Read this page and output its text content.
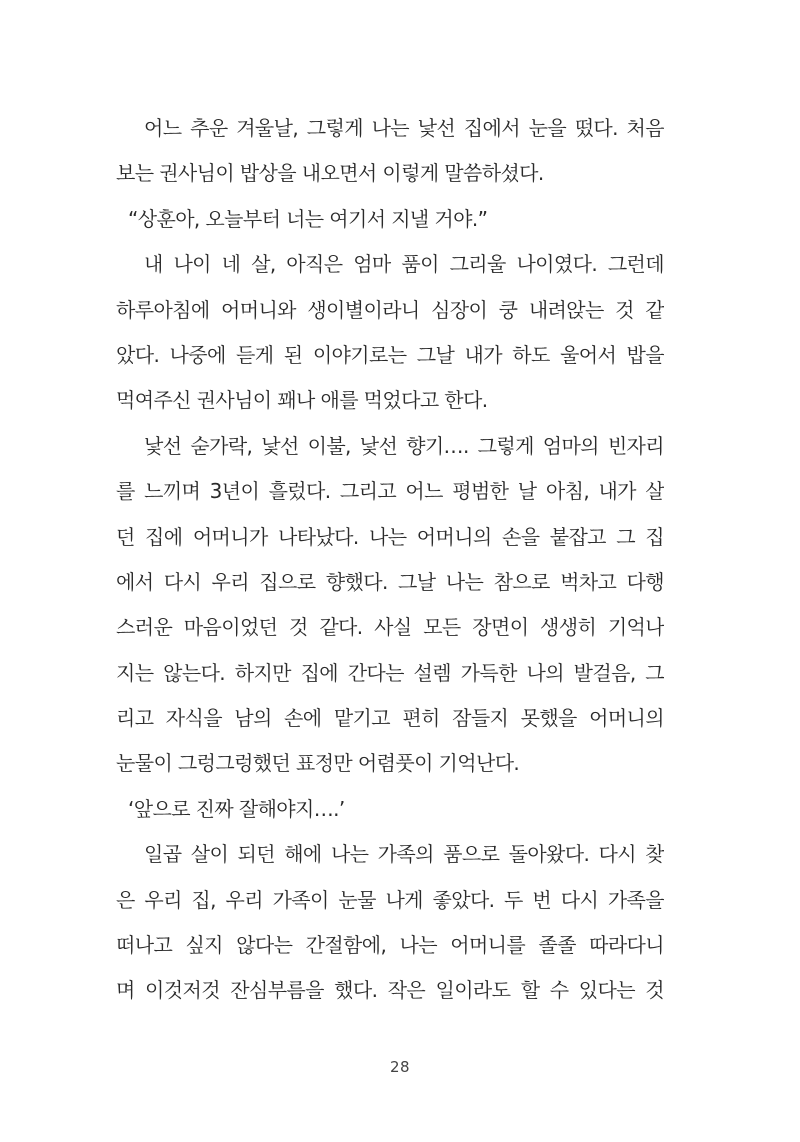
어느 추운 겨울날, 그렇게 나는 낯선 집에서 눈을 떴다. 처음
보는 권사님이 밥상을 내오면서 이렇게 말씀하셨다.
“상훈아, 오늘부터 너는 여기서 지낼 거야.”
내 나이 네 살, 아직은 엄마 품이 그리울 나이였다. 그런데
하루아침에 어머니와 생이별이라니 심장이 쿵 내려앉는 것 같
았다. 나중에 듣게 된 이야기로는 그날 내가 하도 울어서 밥을
먹여주신 권사님이 꽤나 애를 먹었다고 한다.
낯선 숟가락, 낯선 이불, 낯선 향기…. 그렇게 엄마의 빈자리
를 느끼며 3년이 흘렀다. 그리고 어느 평범한 날 아침, 내가 살
던 집에 어머니가 나타났다. 나는 어머니의 손을 붙잡고 그 집
에서 다시 우리 집으로 향했다. 그날 나는 참으로 벅차고 다행
스러운 마음이었던 것 같다. 사실 모든 장면이 생생히 기억나
지는 않는다. 하지만 집에 간다는 설렘 가득한 나의 발걸음, 그
리고 자식을 남의 손에 맡기고 편히 잠들지 못했을 어머니의
눈물이 그렁그렁했던 표정만 어렴풋이 기억난다.
‘앞으로 진짜 잘해야지….’
일곱 살이 되던 해에 나는 가족의 품으로 돌아왔다. 다시 찾
은 우리 집, 우리 가족이 눈물 나게 좋았다. 두 번 다시 가족을
떠나고 싶지 않다는 간절함에, 나는 어머니를 졸졸 따라다니
며 이것저것 잔심부름을 했다. 작은 일이라도 할 수 있다는 것
28
